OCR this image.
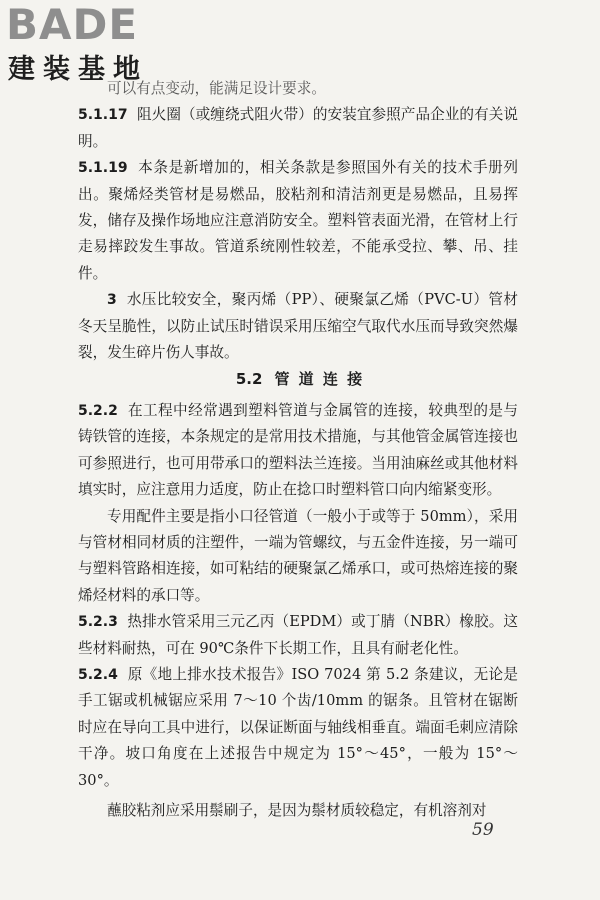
BADE
建装基地

可以有点变动，能满足设计要求。

5.1.17 阻火圈（或缠绕式阻火带）的安装宜参照产品企业的有关说明。

5.1.19 本条是新增加的，相关条款是参照国外有关的技术手册列出。聚烯烃类管材是易燃品，胶粘剂和清洁剂更是易燃品，且易挥发，储存及操作场地应注意消防安全。塑料管表面光滑，在管材上行走易摔跤发生事故。管道系统刚性较差，不能承受拉、攀、吊、挂件。

3 水压比较安全，聚丙烯（PP）、硬聚氯乙烯（PVC-U）管材冬天呈脆性，以防止试压时错误采用压缩空气取代水压而导致突然爆裂，发生碎片伤人事故。

5.2 管 道 连 接

5.2.2 在工程中经常遇到塑料管道与金属管的连接，较典型的是与铸铁管的连接，本条规定的是常用技术措施，与其他管金属管连接也可参照进行，也可用带承口的塑料法兰连接。当用油麻丝或其他材料填实时，应注意用力适度，防止在捻口时塑料管口向内缩紧变形。

专用配件主要是指小口径管道（一般小于或等于 50mm），采用与管材相同材质的注塑件，一端为管螺纹，与五金件连接，另一端可与塑料管路相连接，如可粘结的硬聚氯乙烯承口，或可热熔连接的聚烯烃材料的承口等。

5.2.3 热排水管采用三元乙丙（EPDM）或丁腈（NBR）橡胶。这些材料耐热，可在 90℃条件下长期工作，且具有耐老化性。

5.2.4 原《地上排水技术报告》ISO 7024 第 5.2 条建议，无论是手工锯或机械锯应采用 7～10 个齿/10mm 的锯条。且管材在锯断时应在导向工具中进行，以保证断面与轴线相垂直。端面毛刺应清除干净。坡口角度在上述报告中规定为 15°～45°，一般为 15°～30°。

蘸胶粘剂应采用鬃刷子，是因为鬃材质较稳定，有机溶剂对

59
